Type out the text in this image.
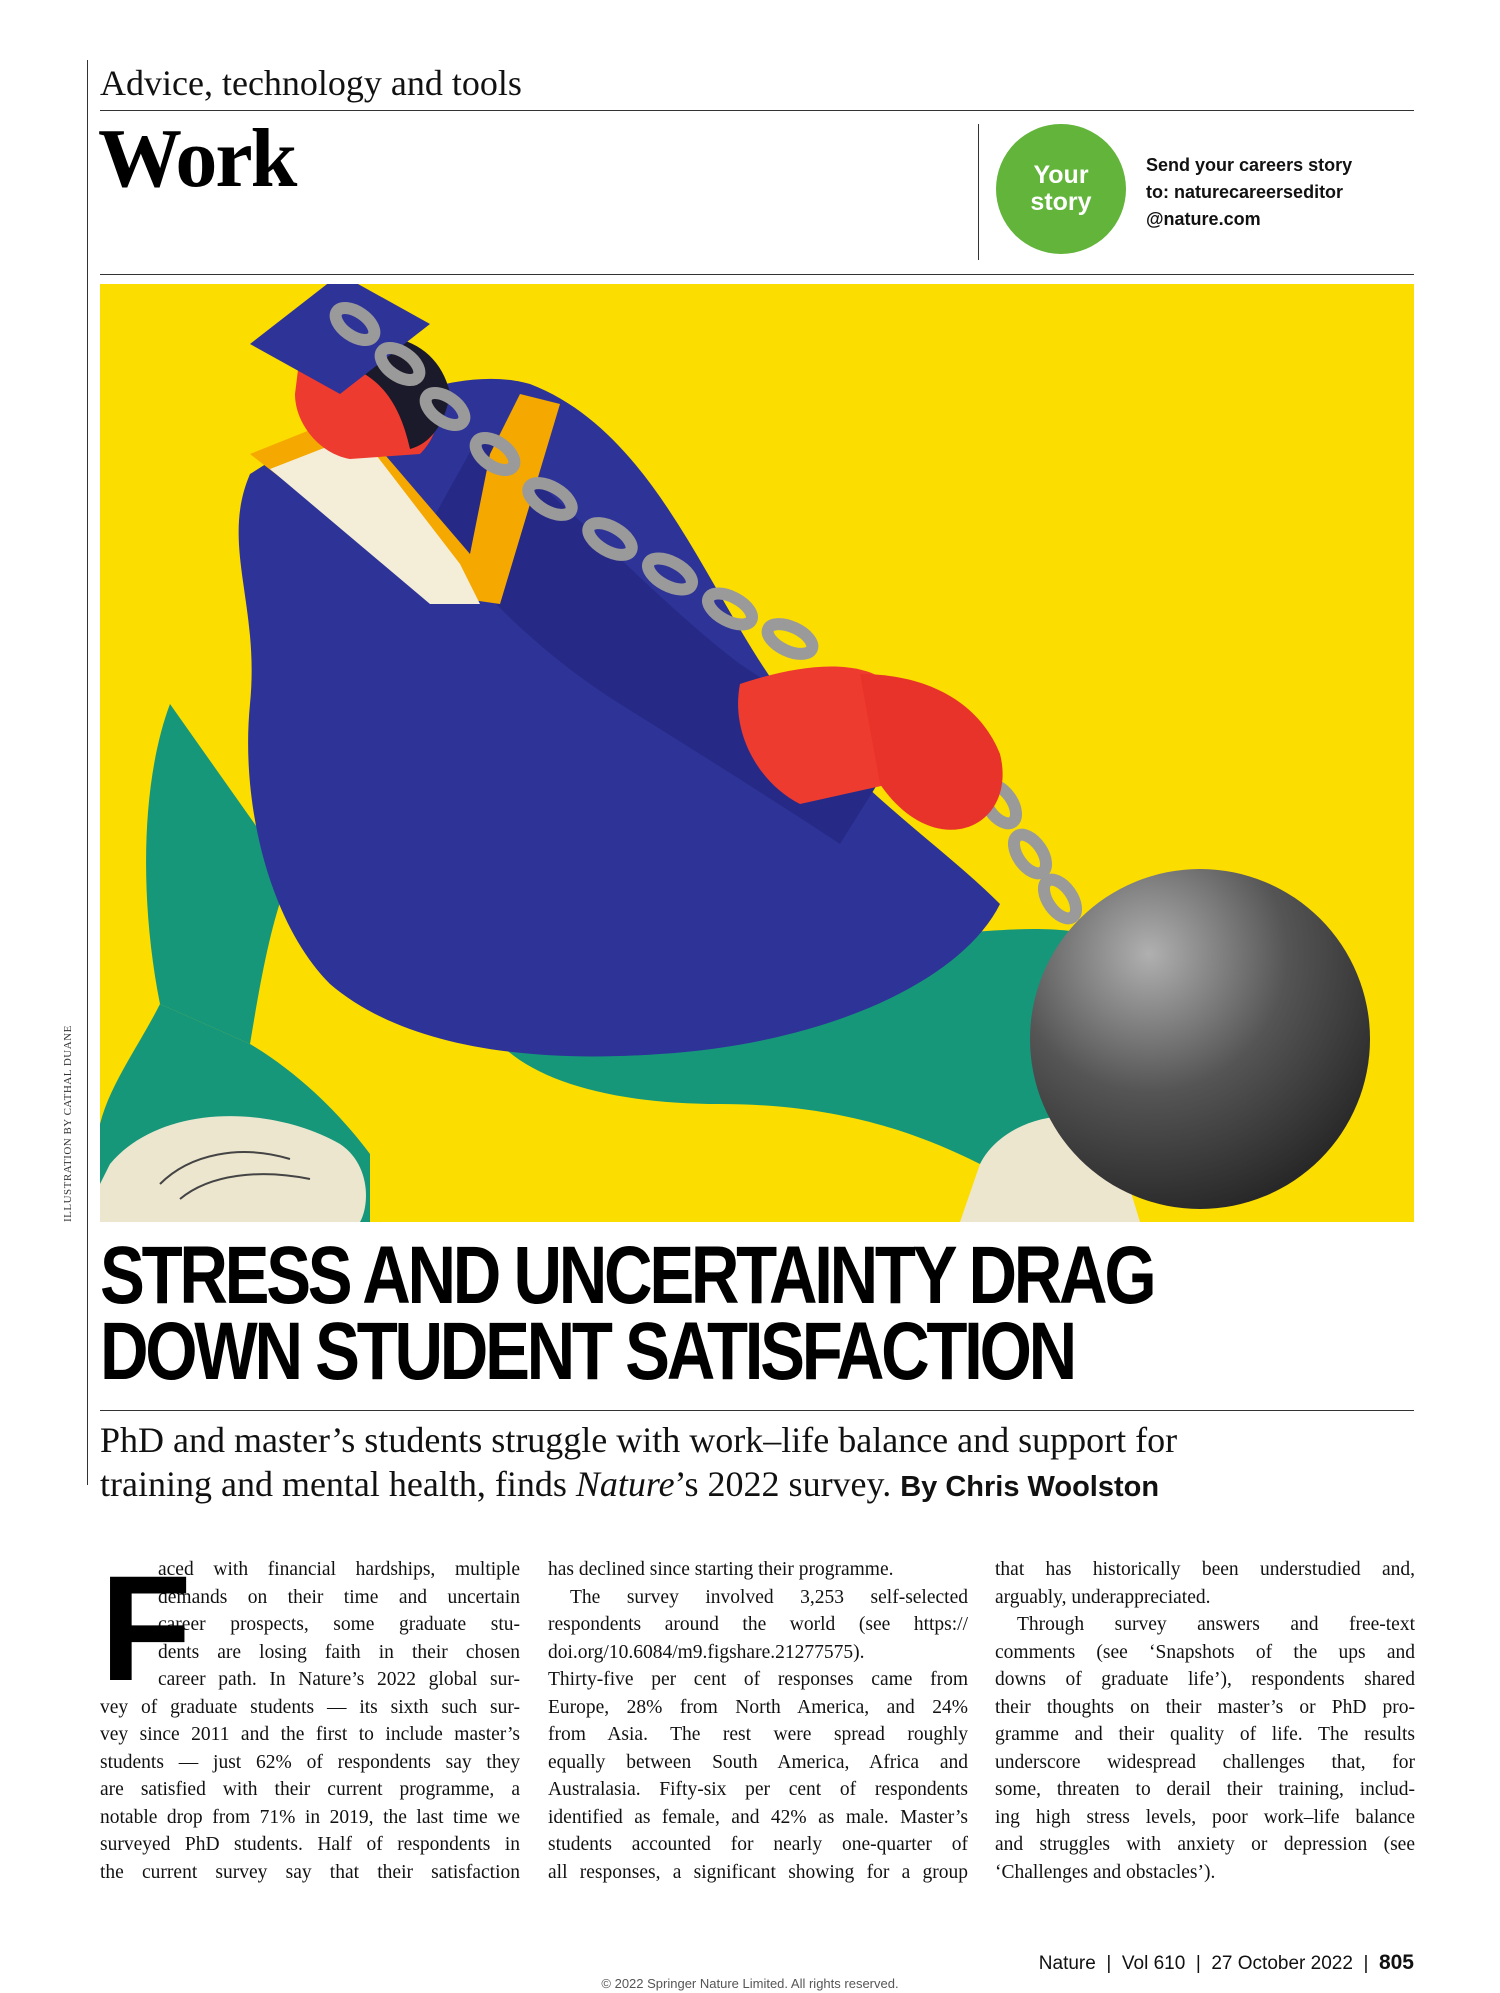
Advice, technology and tools
Work	Your
story
Send your careers story
to: naturecareerseditor
@nature.com
ILLUSTRATION BY CATHAL DUANE
STRESS AND UNCERTAINTY DRAG
DOWN STUDENT SATISFACTION
PhD and master’s students struggle with work–life balance and support for
training and mental health, finds Nature’s 2022 survey. By Chris Woolston
F
aced with financial hardships, multiple
demands on their time and uncertain
career prospects, some graduate stu-
dents are losing faith in their chosen
career path. In Nature’s 2022 global sur-
vey of graduate students — its sixth such sur-
vey since 2011 and the first to include master’s
students — just 62% of respondents say they
are satisfied with their current programme, a
notable drop from 71% in 2019, the last time we
surveyed PhD students. Half of respondents in
the current survey say that their satisfaction
has declined since starting their programme.
The survey involved 3,253 self-selected
respondents around the world (see https://
doi.org/10.6084/m9.figshare.21277575).
Thirty-five per cent of responses came from
Europe, 28% from North America, and 24%
from Asia. The rest were spread roughly
equally between South America, Africa and
Australasia. Fifty-six per cent of respondents
identified as female, and 42% as male. Master’s
students accounted for nearly one-quarter of
all responses, a significant showing for a group
that has historically been understudied and,
arguably, underappreciated.
Through survey answers and free-text
comments (see ‘Snapshots of the ups and
downs of graduate life’), respondents shared
their thoughts on their master’s or PhD pro-
gramme and their quality of life. The results
underscore widespread challenges that, for
some, threaten to derail their training, includ-
ing high stress levels, poor work–life balance
and struggles with anxiety or depression (see
‘Challenges and obstacles’).
Nature | Vol 610 | 27 October 2022 | 805
© 2022 Springer Nature Limited. All rights reserved.
